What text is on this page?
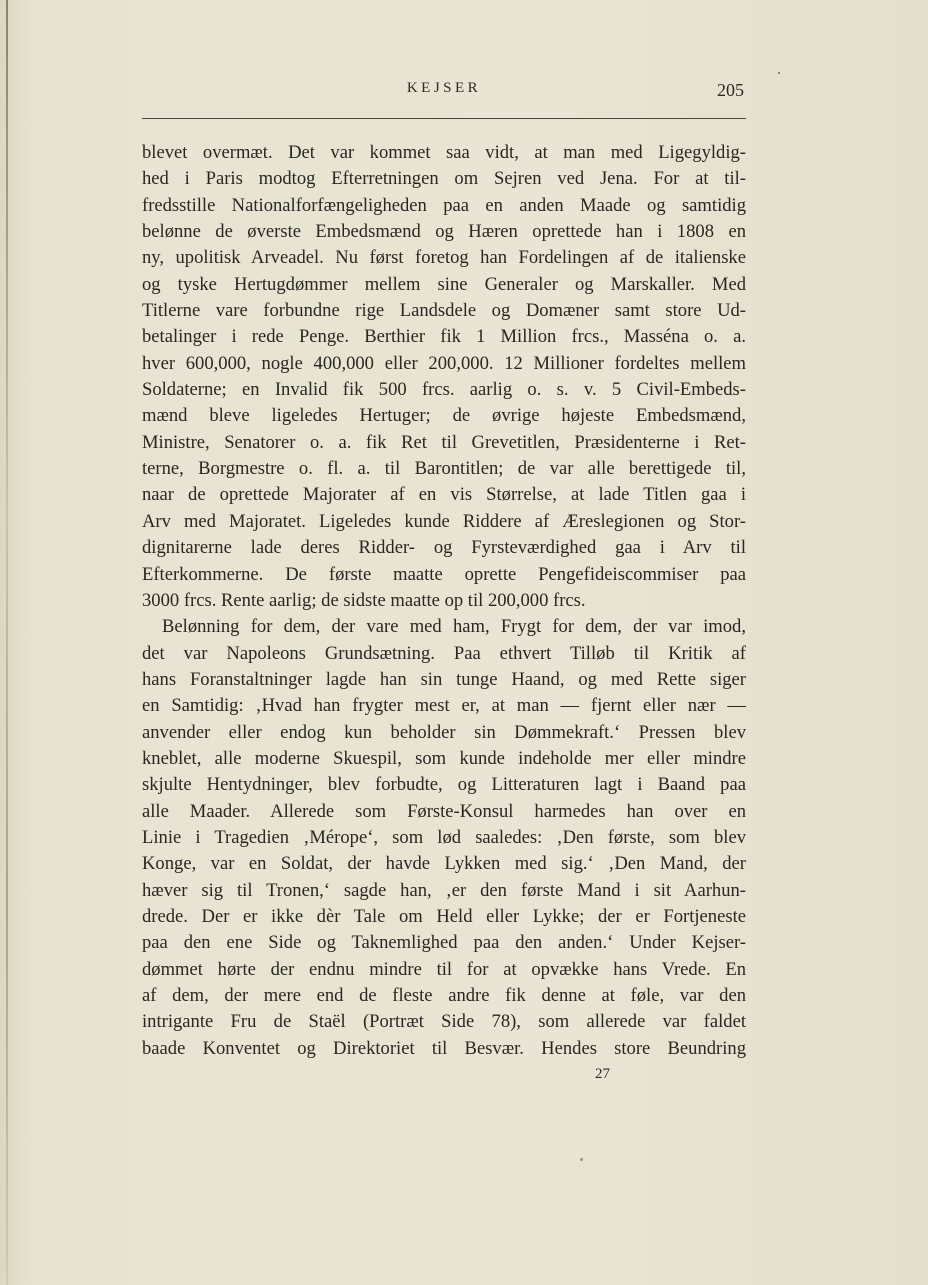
KEJSER	205
blevet overmæt. Det var kommet saa vidt, at man med Ligegyldig-
hed i Paris modtog Efterretningen om Sejren ved Jena. For at til-
fredsstille Nationalforfængeligheden paa en anden Maade og samtidig
belønne de øverste Embedsmænd og Hæren oprettede han i 1808 en
ny, upolitisk Arveadel. Nu først foretog han Fordelingen af de italienske
og tyske Hertugdømmer mellem sine Generaler og Marskaller. Med
Titlerne vare forbundne rige Landsdele og Domæner samt store Ud-
betalinger i rede Penge. Berthier fik 1 Million frcs., Masséna o. a.
hver 600,000, nogle 400,000 eller 200,000. 12 Millioner fordeltes mellem
Soldaterne; en Invalid fik 500 frcs. aarlig o. s. v. 5 Civil-Embeds-
mænd bleve ligeledes Hertuger; de øvrige højeste Embedsmænd,
Ministre, Senatorer o. a. fik Ret til Grevetitlen, Præsidenterne i Ret-
terne, Borgmestre o. fl. a. til Barontitlen; de var alle berettigede til,
naar de oprettede Majorater af en vis Størrelse, at lade Titlen gaa i
Arv med Majoratet. Ligeledes kunde Riddere af Æreslegionen og Stor-
dignitarerne lade deres Ridder- og Fyrsteværdighed gaa i Arv til
Efterkommerne. De første maatte oprette Pengefideiscommiser paa
3000 frcs. Rente aarlig; de sidste maatte op til 200,000 frcs.
Belønning for dem, der vare med ham, Frygt for dem, der var imod,
det var Napoleons Grundsætning. Paa ethvert Tilløb til Kritik af
hans Foranstaltninger lagde han sin tunge Haand, og med Rette siger
en Samtidig: ‚Hvad han frygter mest er, at man — fjernt eller nær —
anvender eller endog kun beholder sin Dømmekraft.‘ Pressen blev
kneblet, alle moderne Skuespil, som kunde indeholde mer eller mindre
skjulte Hentydninger, blev forbudte, og Litteraturen lagt i Baand paa
alle Maader. Allerede som Første-Konsul harmedes han over en
Linie i Tragedien ‚Mérope‘, som lød saaledes: ‚Den første, som blev
Konge, var en Soldat, der havde Lykken med sig.‘ ‚Den Mand, der
hæver sig til Tronen,‘ sagde han, ‚er den første Mand i sit Aarhun-
drede. Der er ikke dèr Tale om Held eller Lykke; der er Fortjeneste
paa den ene Side og Taknemlighed paa den anden.‘ Under Kejser-
dømmet hørte der endnu mindre til for at opvække hans Vrede. En
af dem, der mere end de fleste andre fik denne at føle, var den
intrigante Fru de Staël (Portræt Side 78), som allerede var faldet
baade Konventet og Direktoriet til Besvær. Hendes store Beundring
27
